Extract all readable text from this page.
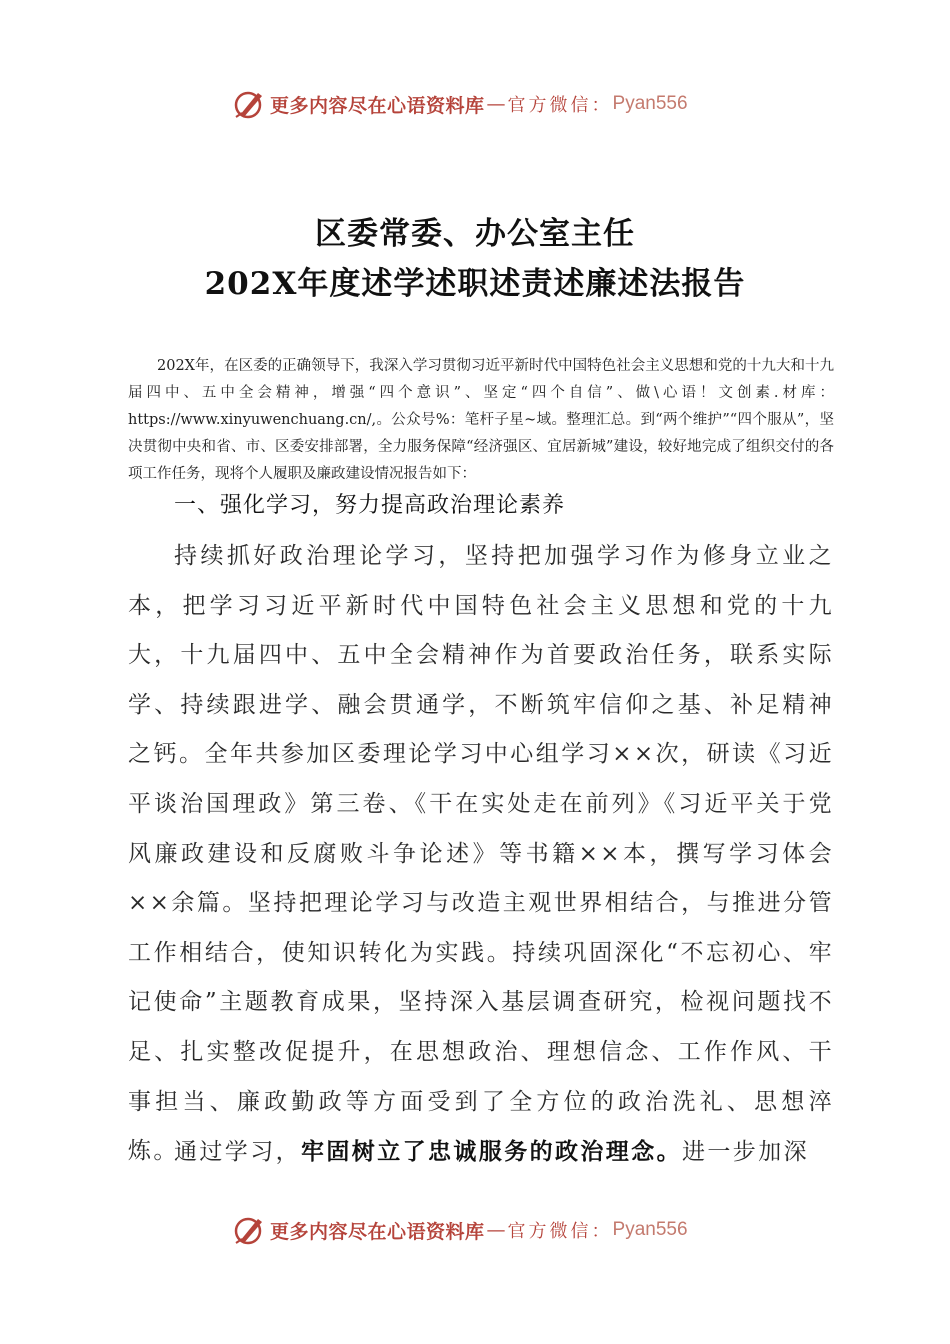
更多内容尽在心语资料库 — 官方微信： Pyan556
区委常委、办公室主任
202X年度述学述职述责述廉述法报告

202X年，在区委的正确领导下，我深入学习贯彻习近平新时代中国特色社会主义思想和党的十九大和十九届四中、五中全会精神，增强“四个意识”、坚定“四个自信”、做\心语！文创素.材库：https://www.xinyuwenchuang.cn/,。公众号%：笔杆子星~域。整理汇总。到“两个维护”“四个服从”，坚决贯彻中央和省、市、区委安排部署，全力服务保障“经济强区、宜居新城”建设，较好地完成了组织交付的各项工作任务，现将个人履职及廉政建设情况报告如下：

一、强化学习，努力提高政治理论素养

持续抓好政治理论学习，坚持把加强学习作为修身立业之本，把学习习近平新时代中国特色社会主义思想和党的十九大，十九届四中、五中全会精神作为首要政治任务，联系实际学、持续跟进学、融会贯通学，不断筑牢信仰之基、补足精神之钙。全年共参加区委理论学习中心组学习××次，研读《习近平谈治国理政》第三卷、《干在实处走在前列》《习近平关于党风廉政建设和反腐败斗争论述》等书籍××本，撰写学习体会××余篇。坚持把理论学习与改造主观世界相结合，与推进分管工作相结合，使知识转化为实践。持续巩固深化“不忘初心、牢记使命”主题教育成果，坚持深入基层调查研究，检视问题找不足、扎实整改促提升，在思想政治、理想信念、工作作风、干事担当、廉政勤政等方面受到了全方位的政治洗礼、思想淬炼。

通过学习，牢固树立了忠诚服务的政治理念。进一步加深

更多内容尽在心语资料库 — 官方微信： Pyan556
